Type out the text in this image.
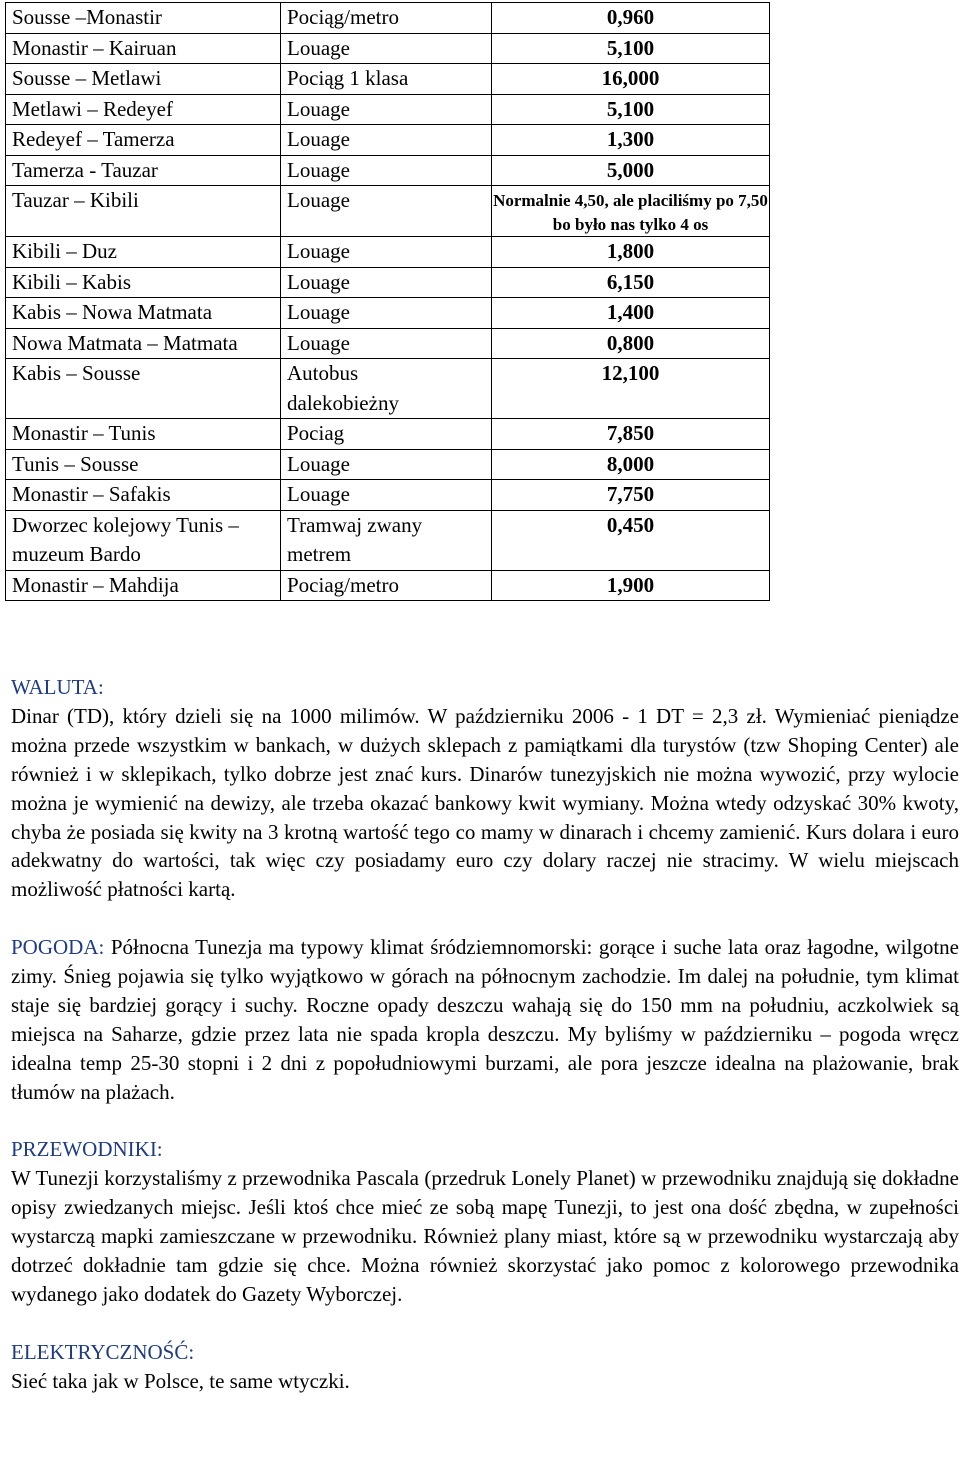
Sousse –Monastir	Pociąg/metro	0,960
Monastir – Kairuan	Louage	5,100
Sousse – Metlawi	Pociąg 1 klasa	16,000
Metlawi – Redeyef	Louage	5,100
Redeyef – Tamerza	Louage	1,300
Tamerza - Tauzar	Louage	5,000
Tauzar – Kibili	Louage	Normalnie 4,50, ale placiliśmy po 7,50 bo było nas tylko 4 os
Kibili – Duz	Louage	1,800
Kibili – Kabis	Louage	6,150
Kabis – Nowa Matmata	Louage	1,400
Nowa Matmata – Matmata	Louage	0,800
Kabis – Sousse	Autobus dalekobieżny	12,100
Monastir – Tunis	Pociag	7,850
Tunis – Sousse	Louage	8,000
Monastir – Safakis	Louage	7,750
Dworzec kolejowy Tunis – muzeum Bardo	Tramwaj zwany metrem	0,450
Monastir – Mahdija	Pociag/metro	1,900
WALUTA:
Dinar (TD), który dzieli się na 1000 milimów. W październiku 2006 - 1 DT = 2,3 zł. Wymieniać pieniądze można przede wszystkim w bankach, w dużych sklepach z pamiątkami dla turystów (tzw Shoping Center) ale również i w sklepikach, tylko dobrze jest znać kurs. Dinarów tunezyjskich nie można wywozić, przy wylocie można je wymienić na dewizy, ale trzeba okazać bankowy kwit wymiany. Można wtedy odzyskać 30% kwoty, chyba że posiada się kwity na 3 krotną wartość tego co mamy w dinarach i chcemy zamienić. Kurs dolara i euro adekwatny do wartości, tak więc czy posiadamy euro czy dolary raczej nie stracimy. W wielu miejscach możliwość płatności kartą.
POGODA: Północna Tunezja ma typowy klimat śródziemnomorski: gorące i suche lata oraz łagodne, wilgotne zimy. Śnieg pojawia się tylko wyjątkowo w górach na północnym zachodzie. Im dalej na południe, tym klimat staje się bardziej gorący i suchy. Roczne opady deszczu wahają się do 150 mm na południu, aczkolwiek są miejsca na Saharze, gdzie przez lata nie spada kropla deszczu. My byliśmy w październiku – pogoda wręcz idealna temp 25-30 stopni i 2 dni z popołudniowymi burzami, ale pora jeszcze idealna na plażowanie, brak tłumów na plażach.
PRZEWODNIKI:
W Tunezji korzystaliśmy z przewodnika Pascala (przedruk Lonely Planet) w przewodniku znajdują się dokładne opisy zwiedzanych miejsc. Jeśli ktoś chce mieć ze sobą mapę Tunezji, to jest ona dość zbędna, w zupełności wystarczą mapki zamieszczane w przewodniku. Również plany miast, które są w przewodniku wystarczają aby dotrzeć dokładnie tam gdzie się chce. Można również skorzystać jako pomoc z kolorowego przewodnika wydanego jako dodatek do Gazety Wyborczej.
ELEKTRYCZNOŚĆ:
Sieć taka jak w Polsce, te same wtyczki.
